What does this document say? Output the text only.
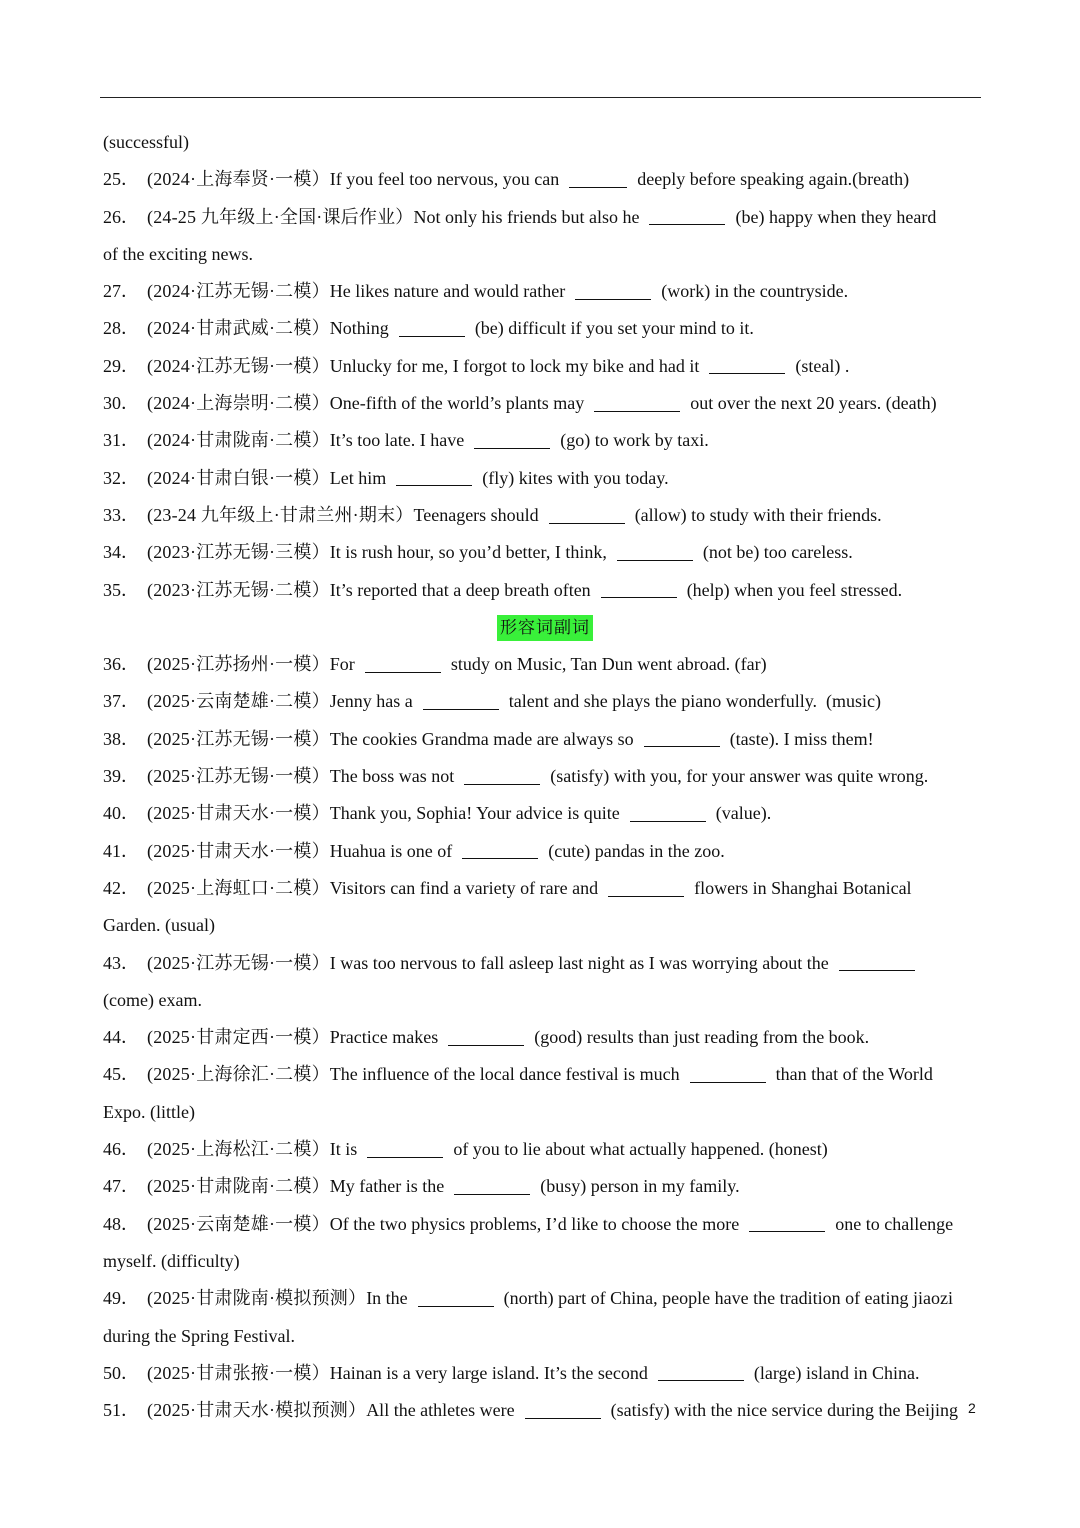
(successful)
25． (2024·上海奉贤·一模） If you feel too nervous, you can	deeply before speaking again.(breath)
26． (24-25 九年级上·全国·课后作业） Not only his friends but also he	(be) happy when they heard
of the exciting news.
27． (2024·江苏无锡·二模） He likes nature and would rather	(work) in the countryside.
28． (2024·甘肃武威·二模） Nothing	(be) difficult if you set your mind to it.
29． (2024·江苏无锡·一模） Unlucky for me, I forgot to lock my bike and had it	(steal) .
30． (2024·上海崇明·二模） One-fifth of the world’s plants may	out over the next 20 years. (death)
31． (2024·甘肃陇南·二模） It’s too late. I have	(go) to work by taxi.
32． (2024·甘肃白银·一模） Let him	(fly) kites with you today.
33． (23-24 九年级上·甘肃兰州·期末） Teenagers should	(allow) to study with their friends.
34． (2023·江苏无锡·三模） It is rush hour, so you’d better, I think,	(not be) too careless.
35． (2023·江苏无锡·二模） It’s reported that a deep breath often	(help) when you feel stressed.
形容词副词
36． (2025·江苏扬州·一模） For	study on Music, Tan Dun went abroad. (far)
37． (2025·云南楚雄·二模） Jenny has a	talent and she plays the piano wonderfully.  (music)
38． (2025·江苏无锡·一模） The cookies Grandma made are always so	(taste). I miss them!
39． (2025·江苏无锡·一模） The boss was not	(satisfy) with you, for your answer was quite wrong.
40． (2025·甘肃天水·一模） Thank you, Sophia! Your advice is quite	(value).
41． (2025·甘肃天水·一模） Huahua is one of	(cute) pandas in the zoo.
42． (2025·上海虹口·二模） Visitors can find a variety of rare and	flowers in Shanghai Botanical
Garden. (usual)
43． (2025·江苏无锡·一模） I was too nervous to fall asleep last night as I was worrying about the
(come) exam.
44． (2025·甘肃定西·一模） Practice makes	(good) results than just reading from the book.
45． (2025·上海徐汇·二模） The influence of the local dance festival is much	than that of the World
Expo. (little)
46． (2025·上海松江·二模） It is	of you to lie about what actually happened. (honest)
47． (2025·甘肃陇南·二模） My father is the	(busy) person in my family.
48． (2025·云南楚雄·一模） Of the two physics problems, I’d like to choose the more	one to challenge
myself. (difficulty)
49． (2025·甘肃陇南·模拟预测） In the	(north) part of China, people have the tradition of eating jiaozi
during the Spring Festival.
50． (2025·甘肃张掖·一模） Hainan is a very large island. It’s the second	(large) island in China.
51． (2025·甘肃天水·模拟预测） All the athletes were	(satisfy) with the nice service during the Beijing 2
